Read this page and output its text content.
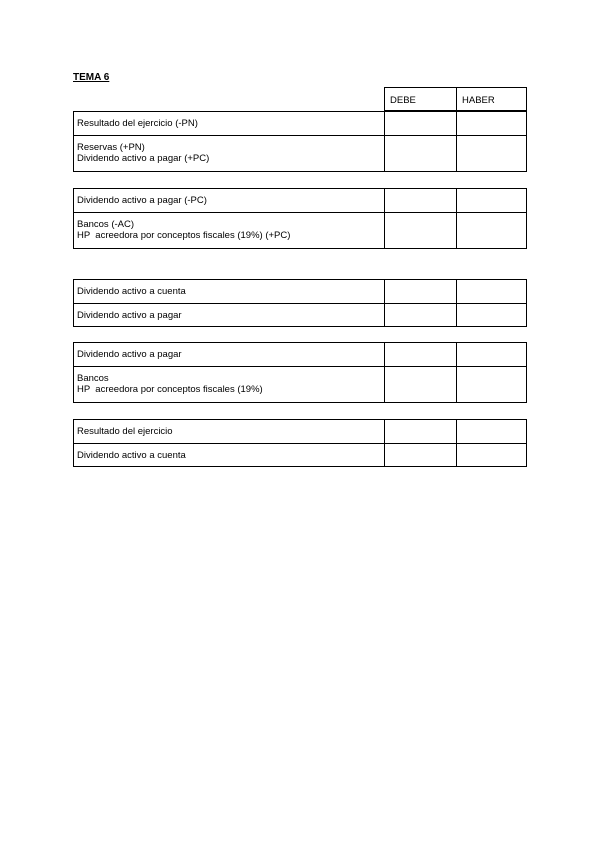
TEMA 6
DEBE	HABER
Resultado del ejercicio (-PN)
Reservas (+PN)
Dividendo activo a pagar (+PC)
Dividendo activo a pagar (-PC)
Bancos (-AC)
HP  acreedora por conceptos fiscales (19%) (+PC)
Dividendo activo a cuenta
Dividendo activo a pagar
Dividendo activo a pagar
Bancos
HP  acreedora por conceptos fiscales (19%)
Resultado del ejercicio
Dividendo activo a cuenta
